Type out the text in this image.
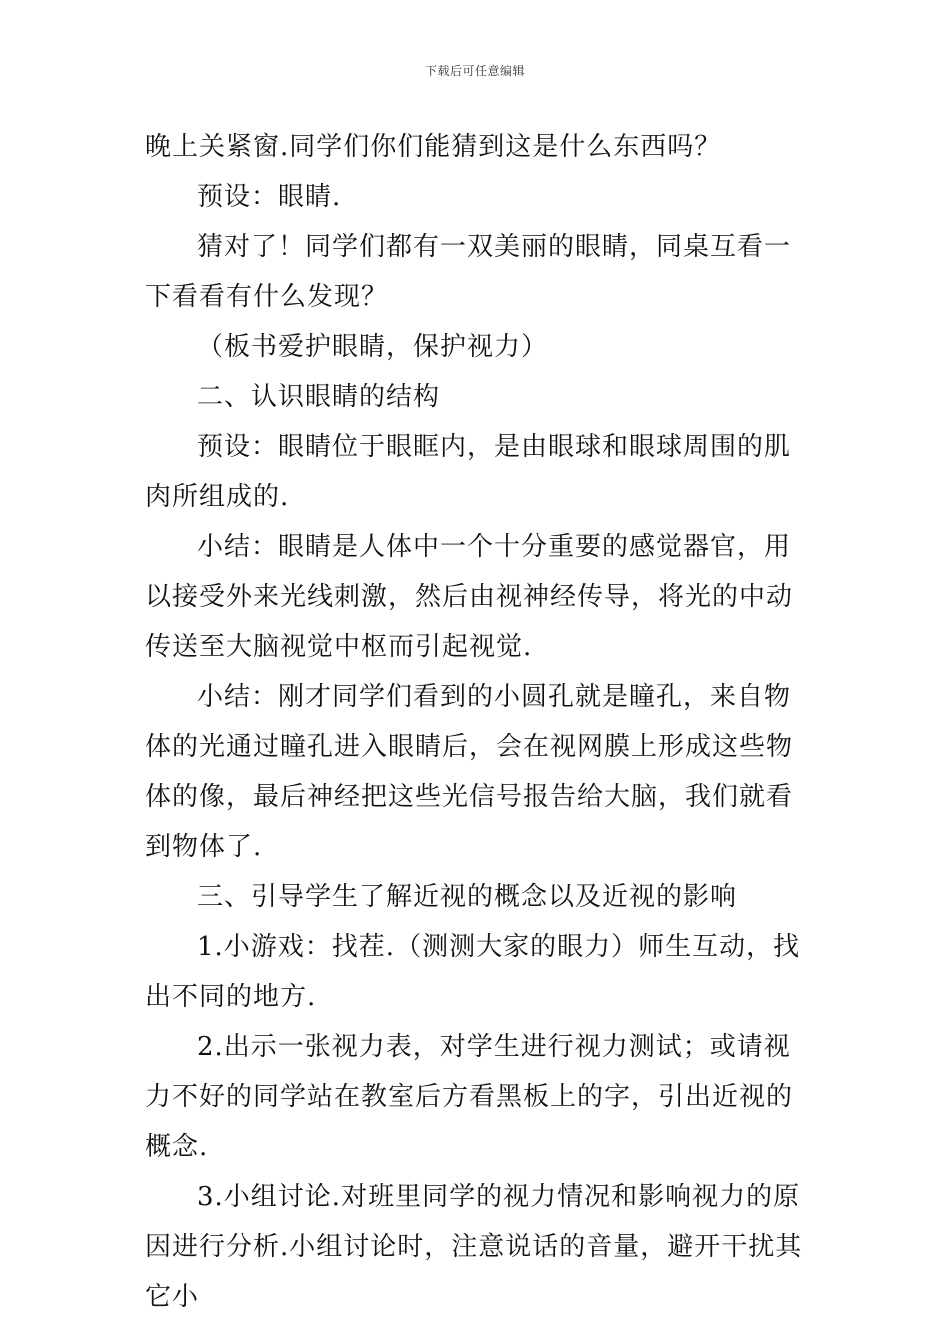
下载后可任意编辑

晚上关紧窗.同学们你们能猜到这是什么东西吗？

预设：眼睛.

猜对了！同学们都有一双美丽的眼睛，同桌互看一下看看有什么发现？

（板书爱护眼睛，保护视力）

二、认识眼睛的结构

预设：眼睛位于眼眶内，是由眼球和眼球周围的肌肉所组成的.

小结：眼睛是人体中一个十分重要的感觉器官，用以接受外来光线刺激，然后由视神经传导，将光的中动传送至大脑视觉中枢而引起视觉.

小结：刚才同学们看到的小圆孔就是瞳孔，来自物体的光通过瞳孔进入眼睛后，会在视网膜上形成这些物体的像，最后神经把这些光信号报告给大脑，我们就看到物体了.

三、引导学生了解近视的概念以及近视的影响

1.小游戏：找茬.（测测大家的眼力）师生互动，找出不同的地方.

2.出示一张视力表，对学生进行视力测试；或请视力不好的同学站在教室后方看黑板上的字，引出近视的概念.

3.小组讨论.对班里同学的视力情况和影响视力的原因进行分析.小组讨论时，注意说话的音量，避开干扰其它小
